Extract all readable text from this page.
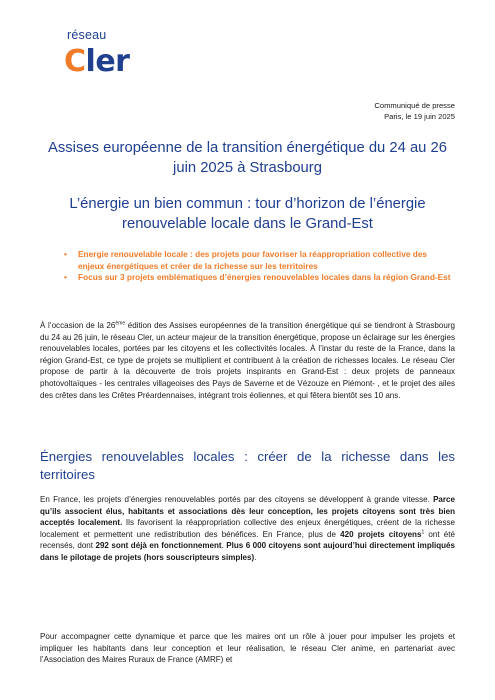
réseau
Cler
Communiqué de presse
Paris, le 19 juin 2025
Assises européenne de la transition énergétique du 24 au 26 juin 2025 à Strasbourg
L’énergie un bien commun : tour d’horizon de l’énergie renouvelable locale dans le Grand-Est
• Energie renouvelable locale : des projets pour favoriser la réappropriation collective des enjeux énergétiques et créer de la richesse sur les territoires
• Focus sur 3 projets emblématiques d’énergies renouvelables locales dans la région Grand-Est

À l’occasion de la 26ème édition des Assises européennes de la transition énergétique qui se tiendront à Strasbourg du 24 au 26 juin, le réseau Cler, un acteur majeur de la transition énergétique, propose un éclairage sur les énergies renouvelables locales, portées par les citoyens et les collectivités locales. À l’instar du reste de la France, dans la région Grand-Est, ce type de projets se multiplient et contribuent à la création de richesses locales. Le réseau Cler propose de partir à la découverte de trois projets inspirants en Grand-Est : deux projets de panneaux photovoltaïques - les centrales villageoises des Pays de Saverne et de Vézouze en Piémont- , et le projet des ailes des crêtes dans les Crêtes Préardennaises, intégrant trois éoliennes, et qui fêtera bientôt ses 10 ans.

Énergies renouvelables locales : créer de la richesse dans les territoires

En France, les projets d’énergies renouvelables portés par des citoyens se développent à grande vitesse. Parce qu’ils associent élus, habitants et associations dès leur conception, les projets citoyens sont très bien acceptés localement. Ils favorisent la réappropriation collective des enjeux énergétiques, créent de la richesse localement et permettent une redistribution des bénéfices. En France, plus de 420 projets citoyens$^1$ ont été recensés, dont 292 sont déjà en fonctionnement. Plus 6 000 citoyens sont aujourd’hui directement impliqués dans le pilotage de projets (hors souscripteurs simples).

Pour accompagner cette dynamique et parce que les maires ont un rôle à jouer pour impulser les projets et impliquer les habitants dans leur conception et leur réalisation, le réseau Cler anime, en partenariat avec l’Association des Maires Ruraux de France (AMRF) et
